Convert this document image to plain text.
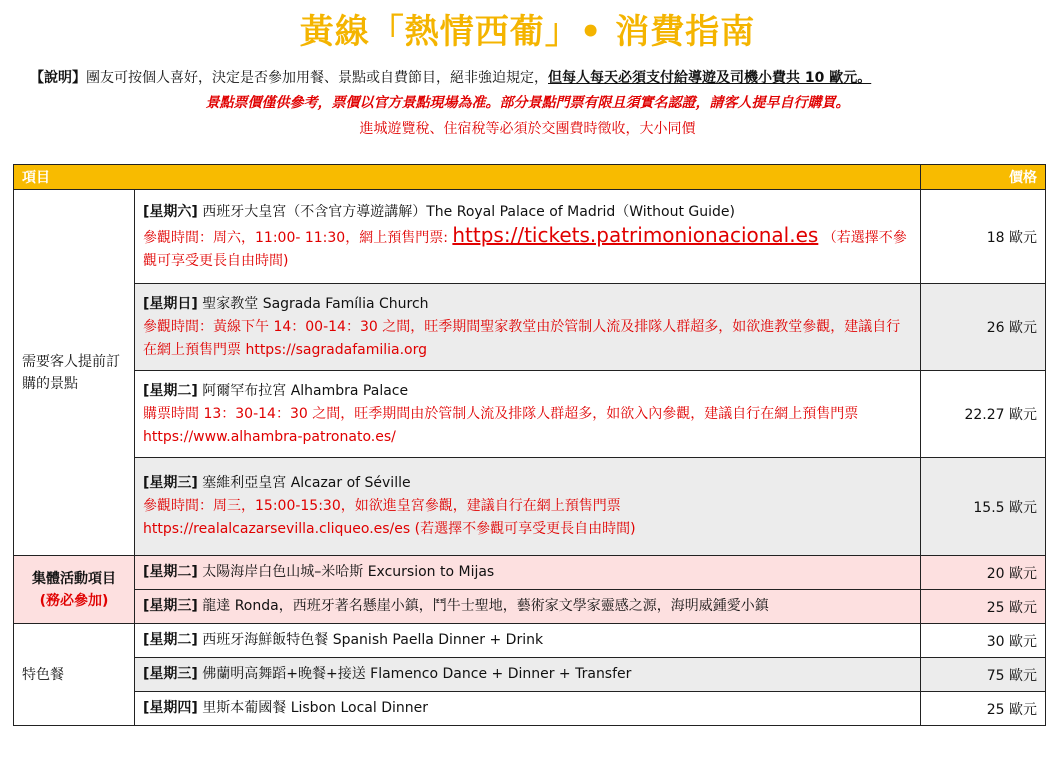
黃線「熱情西葡」• 消費指南
【說明】團友可按個人喜好，決定是否參加用餐、景點或自費節目，絕非強迫規定，但每人每天必須支付給導遊及司機小費共 10 歐元。
景點票價僅供參考，票價以官方景點現場為准。部分景點門票有限且須實名認證，請客人提早自行購買。
進城遊覽稅、住宿稅等必須於交團費時徵收，大小同價
項目		價格
需要客人提前訂購的景點	[星期六] 西班牙大皇宮（不含官方導遊講解）The Royal Palace of Madrid（Without Guide)
參觀時間：周六，11:00- 11:30，網上預售門票: https://tickets.patrimonionacional.es （若選擇不參觀可享受更長自由時間)	18 歐元
	[星期日] 聖家教堂 Sagrada Família Church
參觀時間：黃線下午 14：00-14：30 之間，旺季期間聖家教堂由於管制人流及排隊人群超多，如欲進教堂參觀，建議自行在網上預售門票 https://sagradafamilia.org	26 歐元
	[星期二] 阿爾罕布拉宮 Alhambra Palace
購票時間 13：30-14：30 之間，旺季期間由於管制人流及排隊人群超多，如欲入內參觀，建議自行在網上預售門票 https://www.alhambra-patronato.es/	22.27 歐元
	[星期三] 塞維利亞皇宮 Alcazar of Séville
參觀時間：周三，15:00-15:30，如欲進皇宮參觀，建議自行在網上預售門票
https://realalcazarsevilla.cliqueo.es/es (若選擇不參觀可享受更長自由時間)	15.5 歐元

集體活動項目
(務必參加)	[星期二] 太陽海岸白色山城–米哈斯 Excursion to Mijas	20 歐元
	[星期三] 龍達 Ronda，西班牙著名懸崖小鎮，鬥牛士聖地，藝術家文學家靈感之源，海明威鍾愛小鎮	25 歐元
特色餐	[星期二] 西班牙海鮮飯特色餐 Spanish Paella Dinner + Drink	30 歐元
	[星期三] 佛蘭明高舞蹈+晚餐+接送 Flamenco Dance + Dinner + Transfer	75 歐元
	[星期四] 里斯本葡國餐 Lisbon Local Dinner	25 歐元
